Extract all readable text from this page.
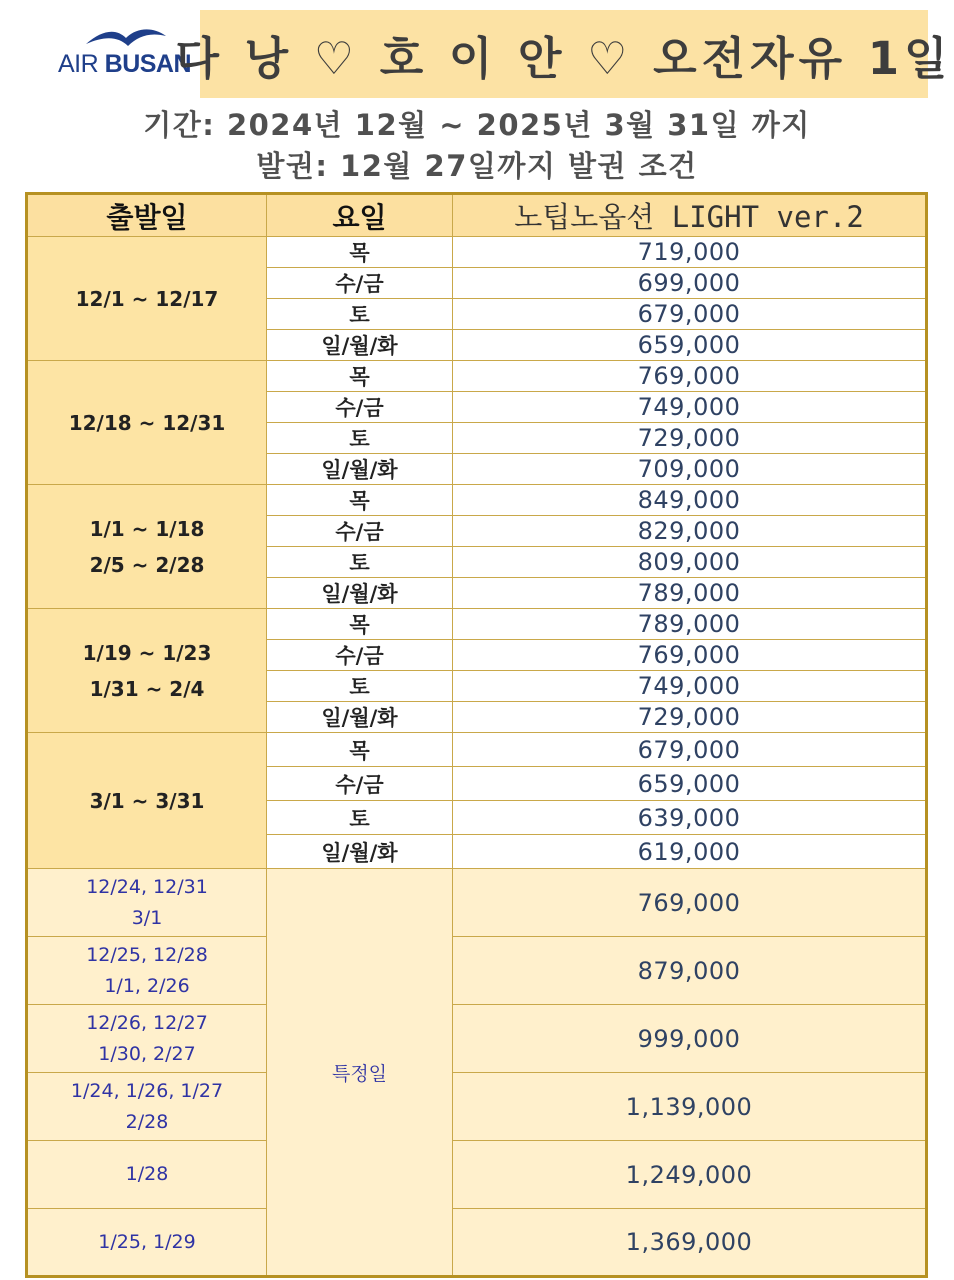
AIR BUSAN
다 낭 ♡ 호 이 안 ♡ 오전자유 1일
기간: 2024년 12월 ~ 2025년 3월 31일 까지
발권: 12월 27일까지 발권 조건
출발일	요일	노팁노옵션 LIGHT ver.2

12/1 ~ 12/17	목	719,000
	수/금	699,000
	토	679,000
	일/월/화	659,000

12/18 ~ 12/31	목	769,000
	수/금	749,000
	토	729,000
	일/월/화	709,000

1/1 ~ 1/18
2/5 ~ 2/28	목	849,000
	수/금	829,000
	토	809,000
	일/월/화	789,000

1/19 ~ 1/23
1/31 ~ 2/4	목	789,000
	수/금	769,000
	토	749,000
	일/월/화	729,000

3/1 ~ 3/31	목	679,000
	수/금	659,000
	토	639,000
	일/월/화	619,000

12/24, 12/31
3/1	특정일	769,000

12/25, 12/28
1/1, 2/26		879,000

12/26, 12/27
1/30, 2/27		999,000

1/24, 1/26, 1/27
2/28		1,139,000

1/28		1,249,000

1/25, 1/29		1,369,000
